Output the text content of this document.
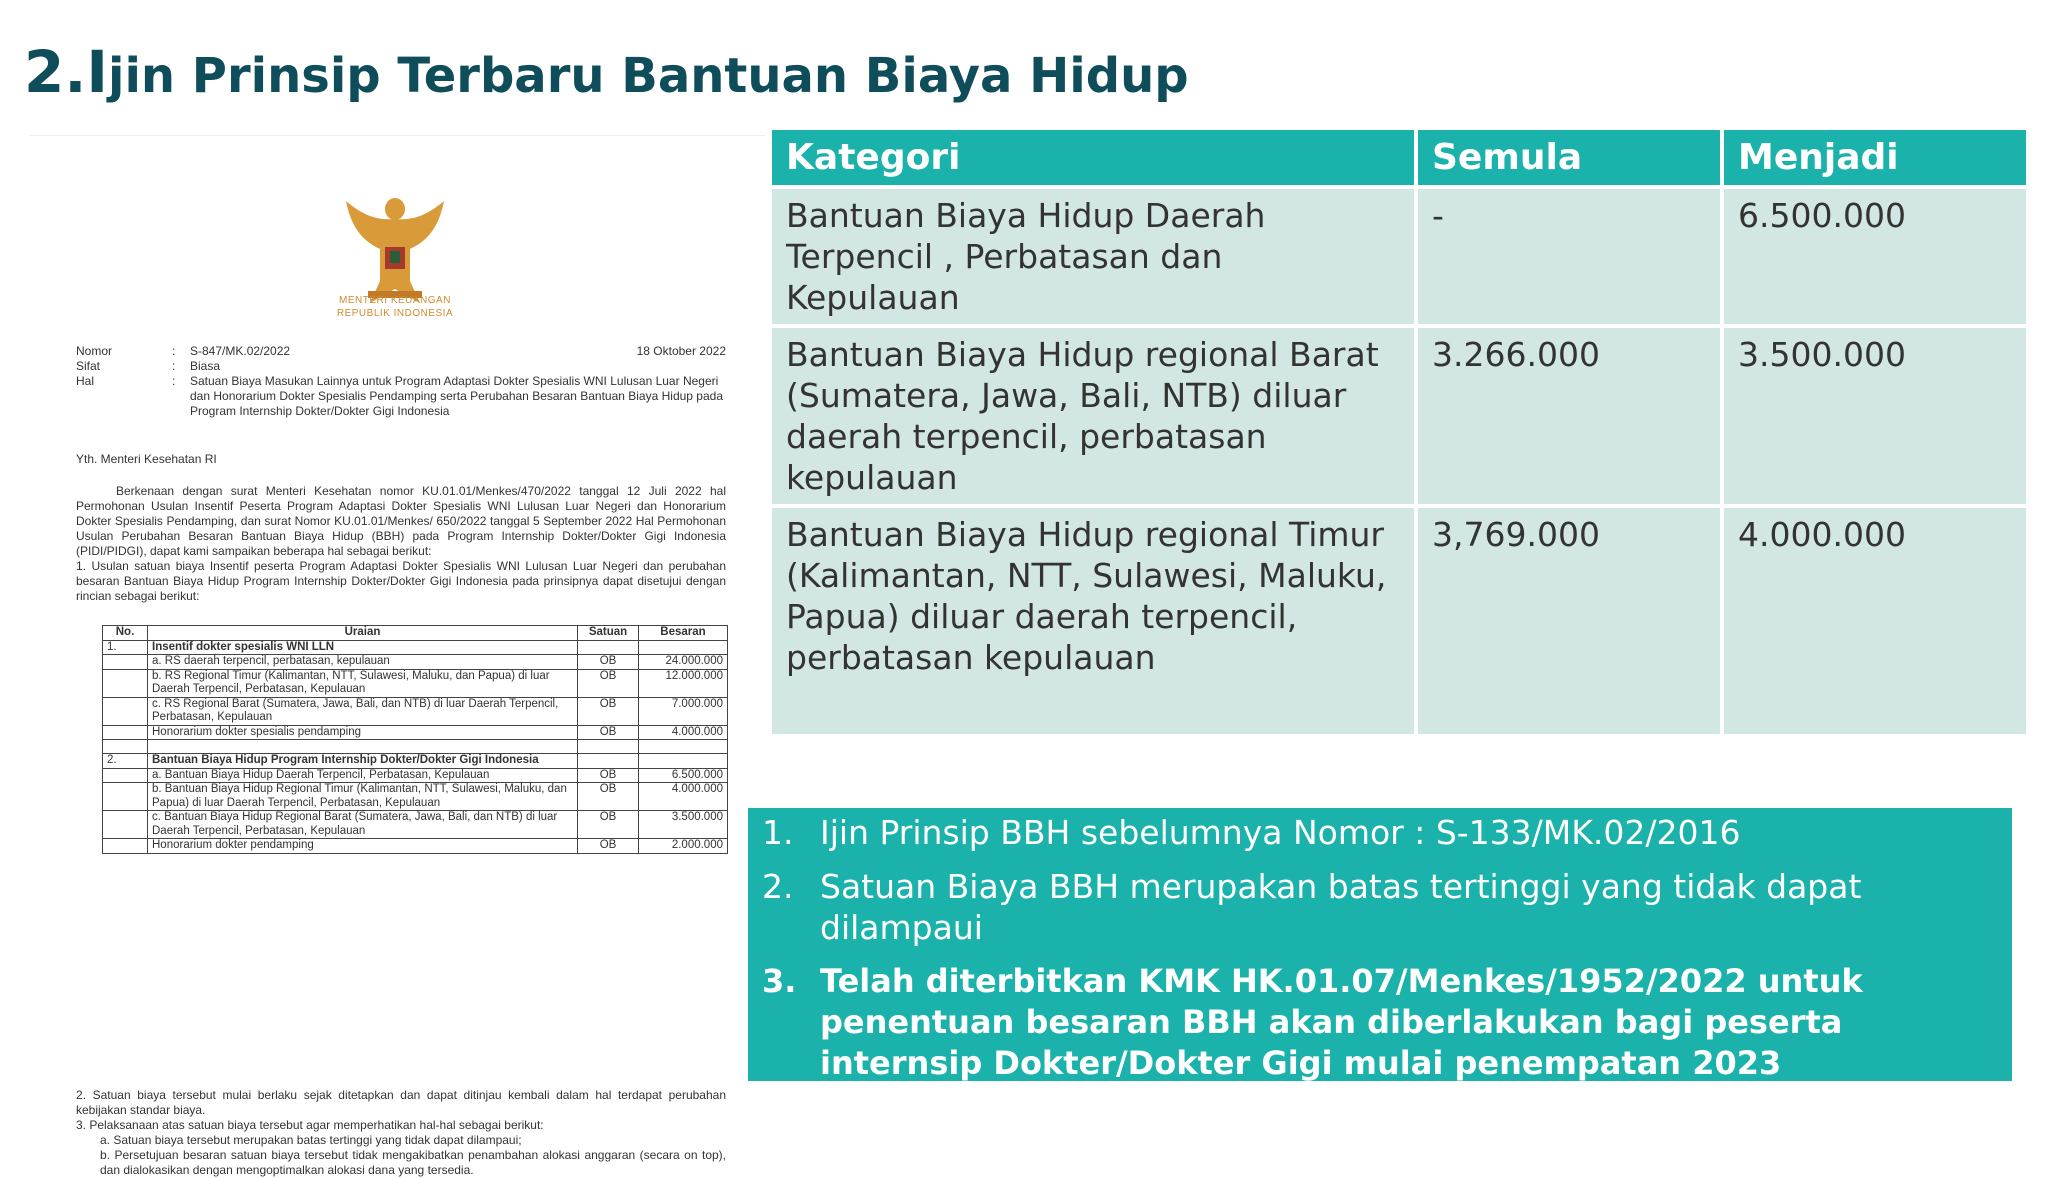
2.Ijin Prinsip Terbaru Bantuan Biaya Hidup
MENTERI KEUANGAN
REPUBLIK INDONESIA
Nomor	:	S-847/MK.02/2022
Sifat	:	Biasa
Hal	:	Satuan Biaya Masukan Lainnya untuk Program Adaptasi Dokter Spesialis WNI Lulusan Luar Negeri dan Honorarium Dokter Spesialis Pendamping serta Perubahan Besaran Bantuan Biaya Hidup pada Program Internship Dokter/Dokter Gigi Indonesia
18 Oktober 2022
Yth. Menteri Kesehatan RI
Berkenaan dengan surat Menteri Kesehatan nomor KU.01.01/Menkes/470/2022 tanggal 12 Juli 2022 hal Permohonan Usulan Insentif Peserta Program Adaptasi Dokter Spesialis WNI Lulusan Luar Negeri dan Honorarium Dokter Spesialis Pendamping, dan surat Nomor KU.01.01/Menkes/ 650/2022 tanggal 5 September 2022 Hal Permohonan Usulan Perubahan Besaran Bantuan Biaya Hidup (BBH) pada Program Internship Dokter/Dokter Gigi Indonesia (PIDI/PIDGI), dapat kami sampaikan beberapa hal sebagai berikut:
1. Usulan satuan biaya Insentif peserta Program Adaptasi Dokter Spesialis WNI Lulusan Luar Negeri dan perubahan besaran Bantuan Biaya Hidup Program Internship Dokter/Dokter Gigi Indonesia pada prinsipnya dapat disetujui dengan rincian sebagai berikut:
No.	Uraian	Satuan	Besaran
1.	Insentif dokter spesialis WNI LLN		
	a. RS daerah terpencil, perbatasan, kepulauan	OB	24.000.000
	b. RS Regional Timur (Kalimantan, NTT, Sulawesi, Maluku, dan Papua) di luar Daerah Terpencil, Perbatasan, Kepulauan	OB	12.000.000
	c. RS Regional Barat (Sumatera, Jawa, Bali, dan NTB) di luar Daerah Terpencil, Perbatasan, Kepulauan	OB	7.000.000
	Honorarium dokter spesialis pendamping	OB	4.000.000

2.	Bantuan Biaya Hidup Program Internship Dokter/Dokter Gigi Indonesia		
	a. Bantuan Biaya Hidup Daerah Terpencil, Perbatasan, Kepulauan	OB	6.500.000
	b. Bantuan Biaya Hidup Regional Timur (Kalimantan, NTT, Sulawesi, Maluku, dan Papua) di luar Daerah Terpencil, Perbatasan, Kepulauan	OB	4.000.000
	c. Bantuan Biaya Hidup Regional Barat (Sumatera, Jawa, Bali, dan NTB) di luar Daerah Terpencil, Perbatasan, Kepulauan	OB	3.500.000
	Honorarium dokter pendamping	OB	2.000.000
2. Satuan biaya tersebut mulai berlaku sejak ditetapkan dan dapat ditinjau kembali dalam hal terdapat perubahan kebijakan standar biaya.
3. Pelaksanaan atas satuan biaya tersebut agar memperhatikan hal-hal sebagai berikut:
a. Satuan biaya tersebut merupakan batas tertinggi yang tidak dapat dilampaui;
b. Persetujuan besaran satuan biaya tersebut tidak mengakibatkan penambahan alokasi anggaran (secara on top), dan dialokasikan dengan mengoptimalkan alokasi dana yang tersedia.
Kategori	Semula	Menjadi
Bantuan Biaya Hidup Daerah Terpencil , Perbatasan dan Kepulauan	-	6.500.000
Bantuan Biaya Hidup regional Barat (Sumatera, Jawa, Bali, NTB) diluar daerah terpencil, perbatasan kepulauan	3.266.000	3.500.000
Bantuan Biaya Hidup regional Timur (Kalimantan, NTT, Sulawesi, Maluku, Papua) diluar daerah terpencil, perbatasan kepulauan	3,769.000	4.000.000
1. Ijin Prinsip BBH sebelumnya Nomor : S-133/MK.02/2016
2. Satuan Biaya BBH merupakan batas tertinggi yang tidak dapat dilampaui
3. Telah diterbitkan KMK HK.01.07/Menkes/1952/2022 untuk penentuan besaran BBH akan diberlakukan bagi peserta internsip Dokter/Dokter Gigi mulai penempatan 2023
